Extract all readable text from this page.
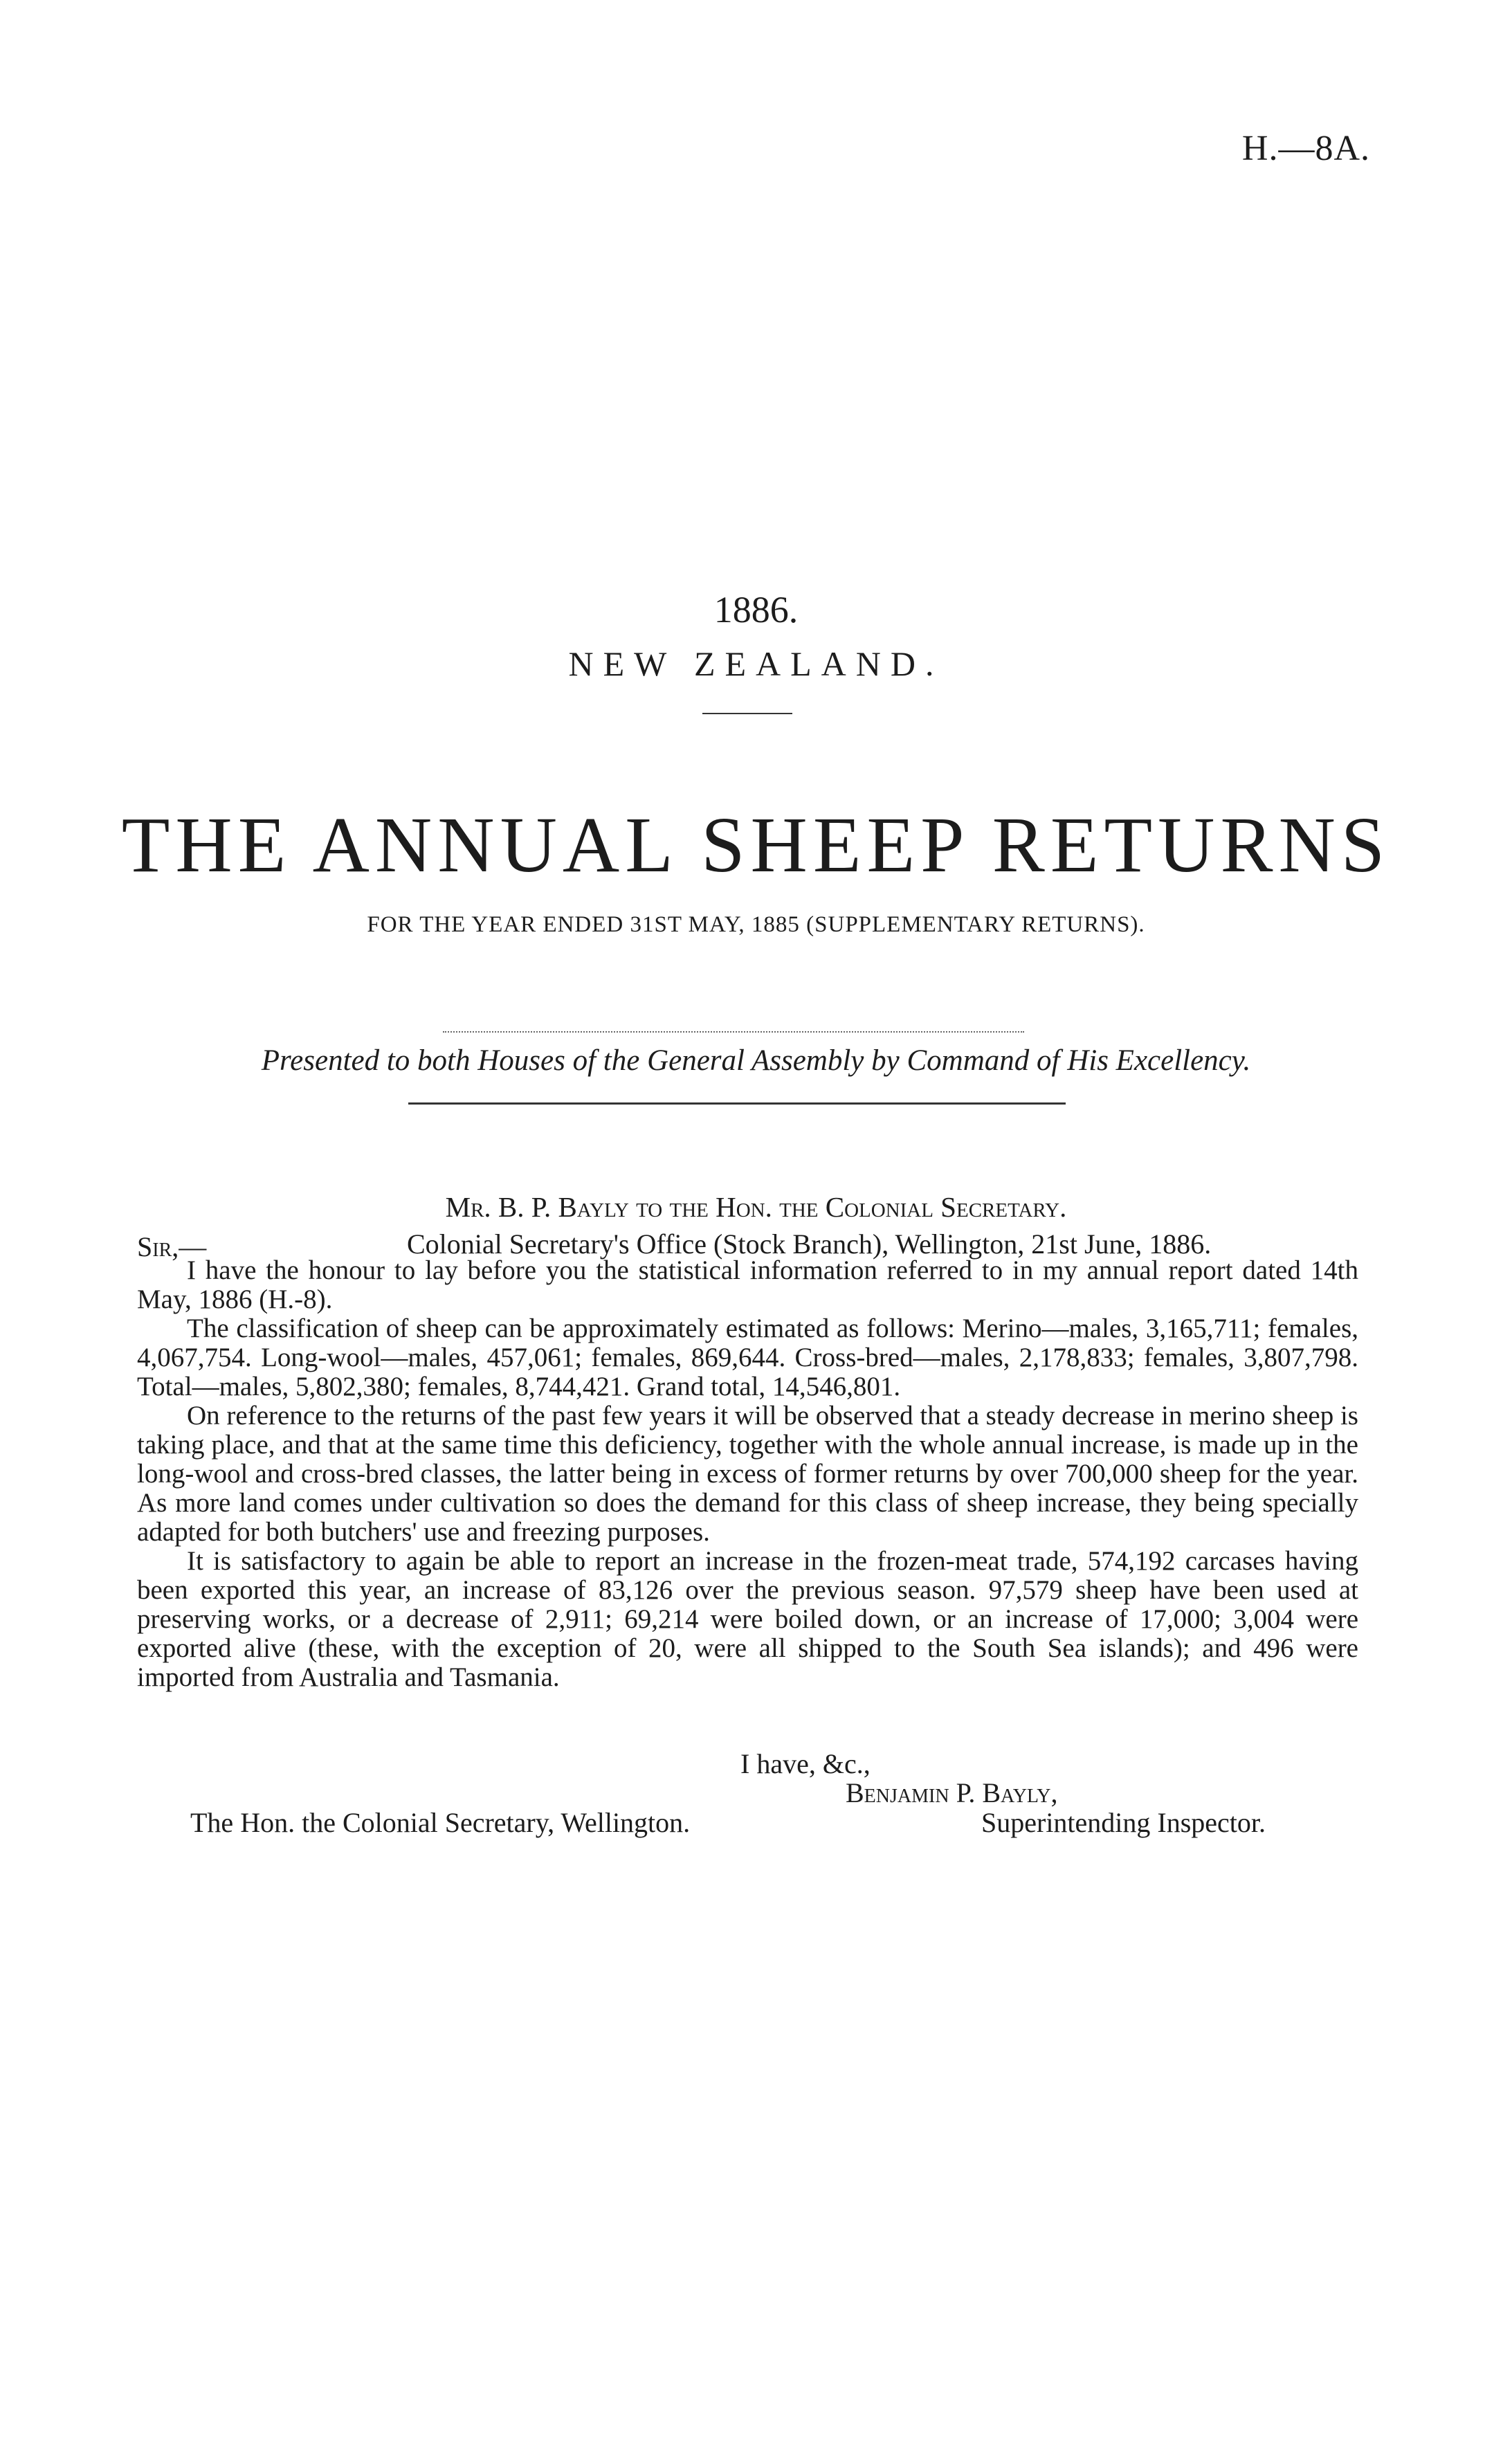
H.—8A.
1886.
NEW ZEALAND.
THE ANNUAL SHEEP RETURNS
FOR THE YEAR ENDED 31ST MAY, 1885 (SUPPLEMENTARY RETURNS).
Presented to both Houses of the General Assembly by Command of His Excellency.
Mr. B. P. Bayly to the Hon. the Colonial Secretary.
Sir,—	Colonial Secretary's Office (Stock Branch), Wellington, 21st June, 1886.

I have the honour to lay before you the statistical information referred to in my annual report dated 14th May, 1886 (H.-8).

The classification of sheep can be approximately estimated as follows: Merino—males, 3,165,711; females, 4,067,754. Long-wool—males, 457,061; females, 869,644. Cross-bred—males, 2,178,833; females, 3,807,798. Total—males, 5,802,380; females, 8,744,421. Grand total, 14,546,801.

On reference to the returns of the past few years it will be observed that a steady decrease in merino sheep is taking place, and that at the same time this deficiency, together with the whole annual increase, is made up in the long-wool and cross-bred classes, the latter being in excess of former returns by over 700,000 sheep for the year. As more land comes under cultivation so does the demand for this class of sheep increase, they being specially adapted for both butchers' use and freezing purposes.

It is satisfactory to again be able to report an increase in the frozen-meat trade, 574,192 carcases having been exported this year, an increase of 83,126 over the previous season. 97,579 sheep have been used at preserving works, or a decrease of 2,911; 69,214 were boiled down, or an increase of 17,000; 3,004 were exported alive (these, with the exception of 20, were all shipped to the South Sea islands); and 496 were imported from Australia and Tasmania.

I have, &c.,
Benjamin P. Bayly,
The Hon. the Colonial Secretary, Wellington.	Superintending Inspector.
